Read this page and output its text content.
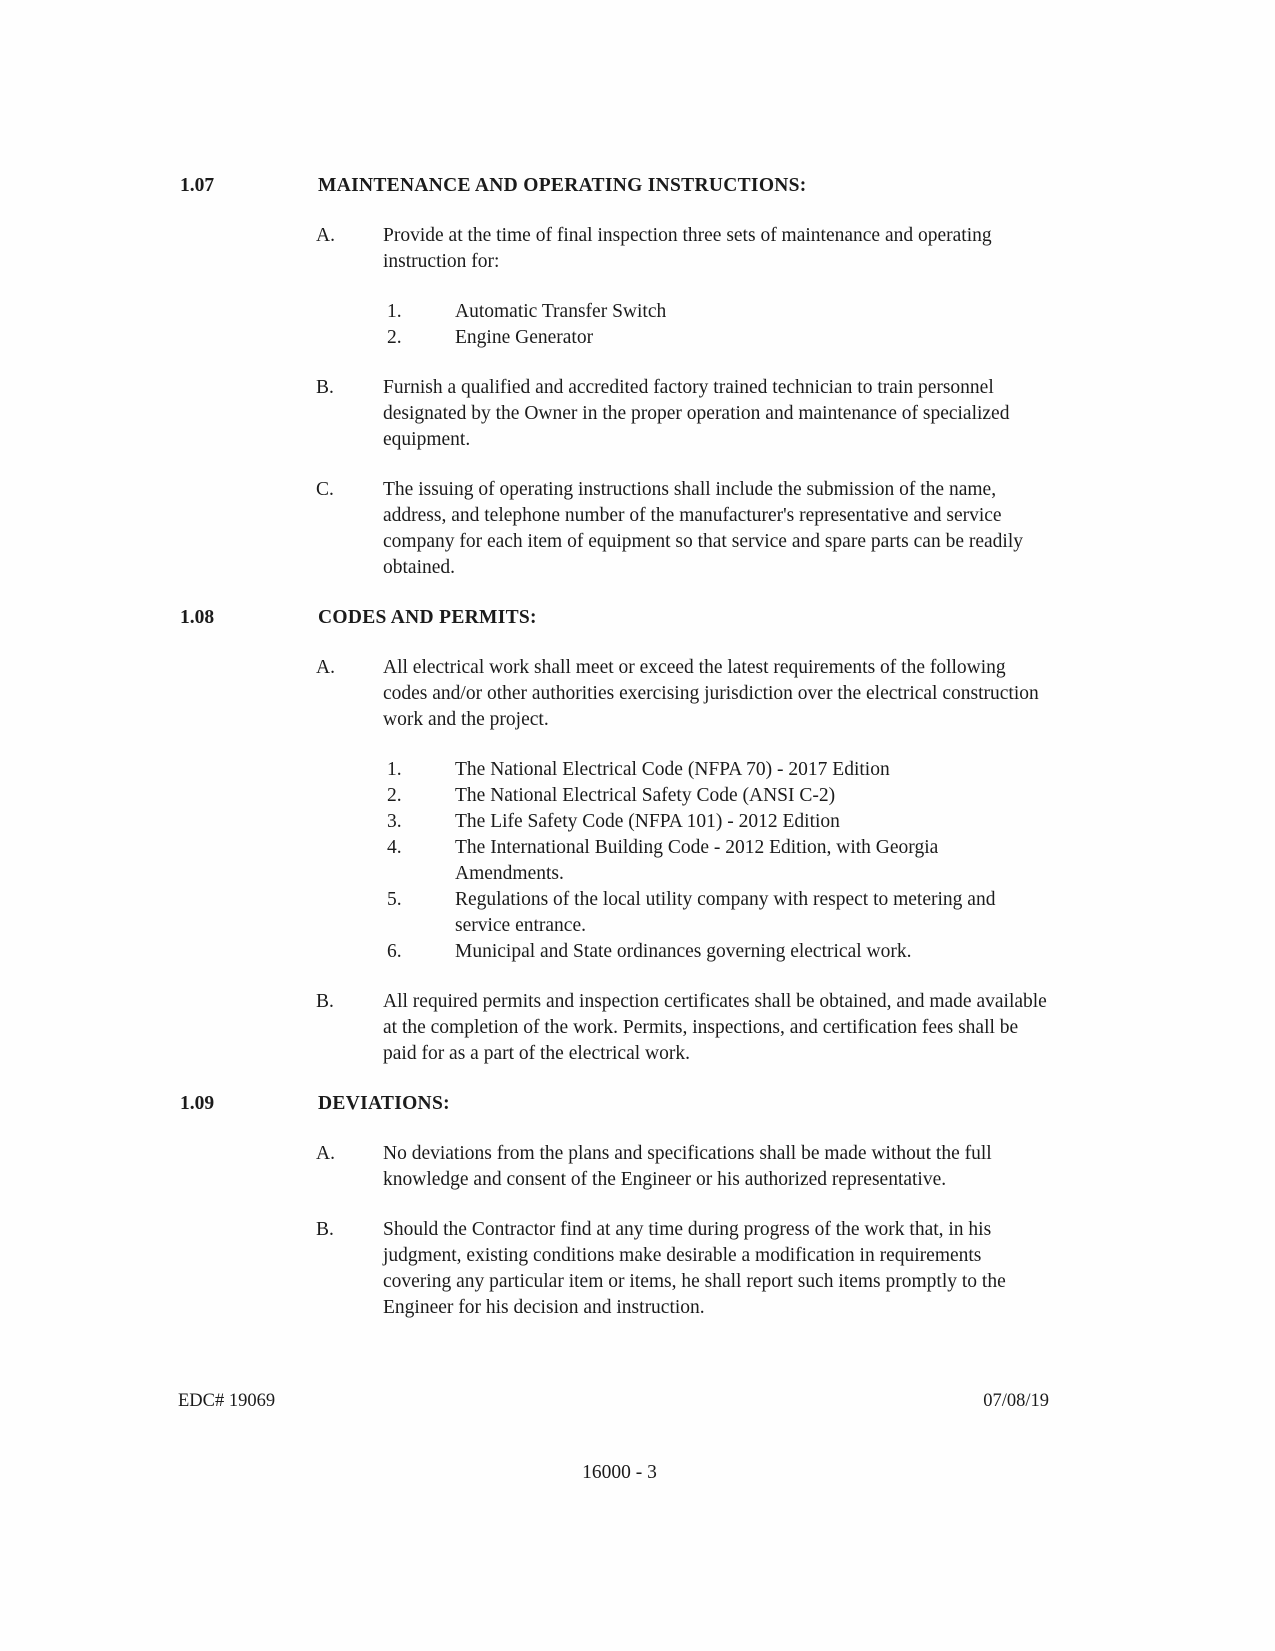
1.07	MAINTENANCE AND OPERATING INSTRUCTIONS:
A.	Provide at the time of final inspection three sets of maintenance and operating instruction for:

1.	Automatic Transfer Switch
2.	Engine Generator
B.	Furnish a qualified and accredited factory trained technician to train personnel designated by the Owner in the proper operation and maintenance of specialized equipment.

C.	The issuing of operating instructions shall include the submission of the name, address, and telephone number of the manufacturer's representative and service company for each item of equipment so that service and spare parts can be readily obtained.

1.08	CODES AND PERMITS:
A.	All electrical work shall meet or exceed the latest requirements of the following codes and/or other authorities exercising jurisdiction over the electrical construction work and the project.

1.	The National Electrical Code (NFPA 70) - 2017 Edition
2.	The National Electrical Safety Code (ANSI C-2)
3.	The Life Safety Code (NFPA 101) - 2012 Edition
4.	The International Building Code - 2012 Edition, with Georgia Amendments.
5.	Regulations of the local utility company with respect to metering and service entrance.
6.	Municipal and State ordinances governing electrical work.
B.	All required permits and inspection certificates shall be obtained, and made available at the completion of the work. Permits, inspections, and certification fees shall be paid for as a part of the electrical work.

1.09	DEVIATIONS:
A.	No deviations from the plans and specifications shall be made without the full knowledge and consent of the Engineer or his authorized representative.

B.	Should the Contractor find at any time during progress of the work that, in his judgment, existing conditions make desirable a modification in requirements covering any particular item or items, he shall report such items promptly to the Engineer for his decision and instruction.

EDC# 19069	07/08/19
16000 - 3
